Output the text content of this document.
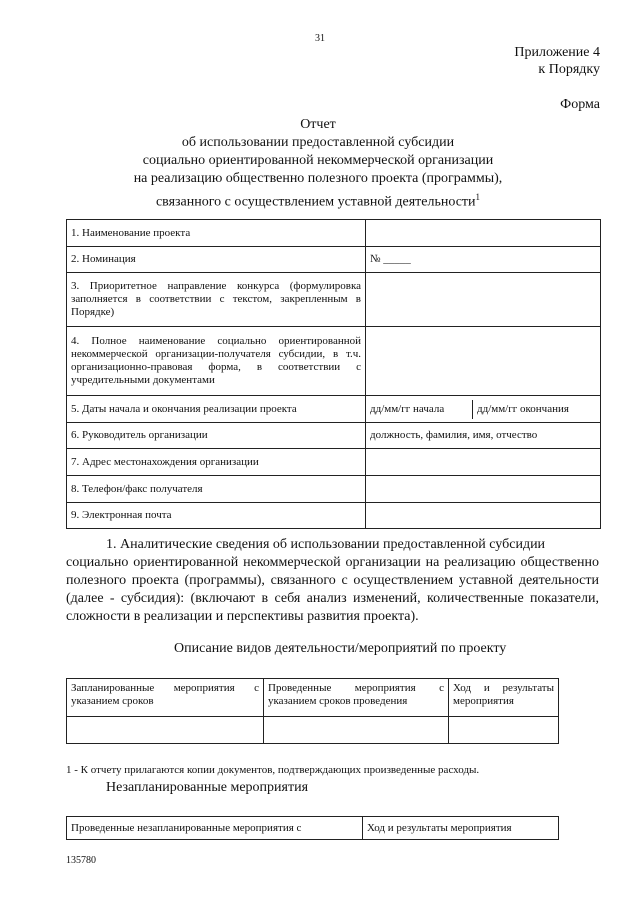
31
Приложение 4
к Порядку
Форма
Отчет
об использовании предоставленной субсидии
социально ориентированной некоммерческой организации
на реализацию общественно полезного проекта (программы),
связанного с осуществлением уставной деятельности$^1$
1. Наименование проекта	
2. Номинация	№ _____
3. Приоритетное направление конкурса (формулировка заполняется в соответствии с текстом, закрепленным в Порядке)	
4. Полное наименование социально ориентированной некоммерческой организации-получателя субсидии, в т.ч. организационно-правовая форма, в соответствии с учредительными документами	
5. Даты начала и окончания реализации проекта	дд/мм/гг начала дд/мм/гг окончания

6. Руководитель организации	должность, фамилия, имя, отчество
7. Адрес местонахождения организации	
8. Телефон/факс получателя	
9. Электронная почта	
1. Аналитические сведения об использовании предоставленной субсидии
социально ориентированной некоммерческой организации на реализацию общественно полезного проекта (программы), связанного с осуществлением уставной деятельности (далее - субсидия): (включают в себя анализ изменений, количественные показатели, сложности в реализации и перспективы развития проекта).
Описание видов деятельности/мероприятий по проекту
Запланированные мероприятия с указанием сроков	Проведенные мероприятия с указанием сроков проведения	Ход и результаты мероприятия

1 - К отчету прилагаются копии документов, подтверждающих произведенные расходы.
Незапланированные мероприятия
Проведенные незапланированные мероприятия с	Ход и результаты мероприятия
135780
